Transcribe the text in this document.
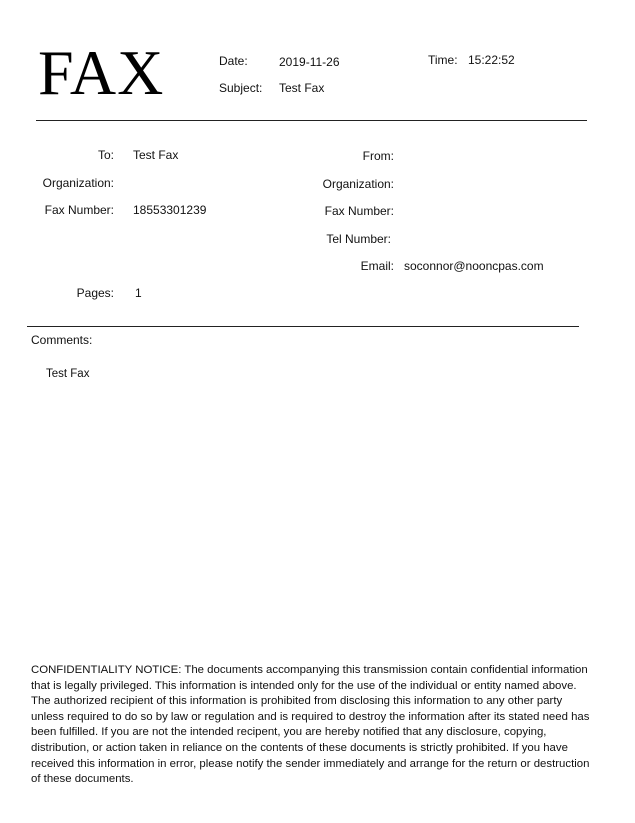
FAX	Date:	2019-11-26	Time: 15:22:52
Subject: Test Fax
To: Test Fax
Organization:
Fax Number: 18553301239
Pages: 1
From:
Organization:
Fax Number:
Tel Number:
Email: soconnor@nooncpas.com
Comments:
Test Fax
CONFIDENTIALITY NOTICE: The documents accompanying this transmission contain confidential information that is legally privileged. This information is intended only for the use of the individual or entity named above. The authorized recipient of this information is prohibited from disclosing this information to any other party unless required to do so by law or regulation and is required to destroy the information after its stated need has been fulfilled. If you are not the intended recipent, you are hereby notified that any disclosure, copying, distribution, or action taken in reliance on the contents of these documents is strictly prohibited. If you have received this information in error, please notify the sender immediately and arrange for the return or destruction of these documents.
